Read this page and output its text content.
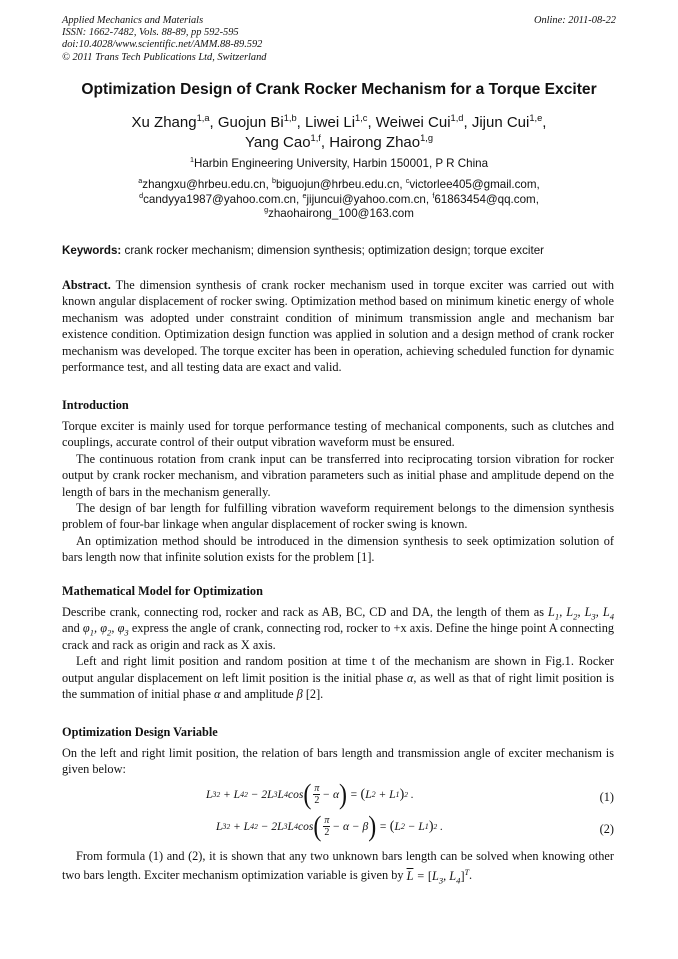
Applied Mechanics and Materials
ISSN: 1662-7482, Vols. 88-89, pp 592-595
doi:10.4028/www.scientific.net/AMM.88-89.592
© 2011 Trans Tech Publications Ltd, Switzerland
Online: 2011-08-22
Optimization Design of Crank Rocker Mechanism for a Torque Exciter
Xu Zhang$^{1,a}$, Guojun Bi$^{1,b}$, Liwei Li$^{1,c}$, Weiwei Cui$^{1,d}$, Jijun Cui$^{1,e}$,
Yang Cao$^{1,f}$, Hairong Zhao$^{1,g}$
$^1$Harbin Engineering University, Harbin 150001, P R China
$^a$zhangxu@hrbeu.edu.cn, $^b$biguojun@hrbeu.edu.cn, $^c$victorlee405@gmail.com,
$^d$candyya1987@yahoo.com.cn, $^e$jijuncui@yahoo.com.cn, $^f$61863454@qq.com,
$^g$zhaohairong_100@163.com
Keywords: crank rocker mechanism; dimension synthesis; optimization design; torque exciter

Abstract. The dimension synthesis of crank rocker mechanism used in torque exciter was carried out with known angular displacement of rocker swing. Optimization method based on minimum kinetic energy of whole mechanism was adopted under constraint condition of minimum transmission angle and mechanism bar existence condition. Optimization design function was applied in solution and a design method of crank rocker mechanism was developed. The torque exciter has been in operation, achieving scheduled function for dynamic performance test, and all testing data are exact and valid.

Introduction

Torque exciter is mainly used for torque performance testing of mechanical components, such as clutches and couplings, accurate control of their output vibration waveform must be ensured.

The continuous rotation from crank input can be transferred into reciprocating torsion vibration for rocker output by crank rocker mechanism, and vibration parameters such as initial phase and amplitude depend on the length of bars in the mechanism generally.

The design of bar length for fulfilling vibration waveform requirement belongs to the dimension synthesis problem of four-bar linkage when angular displacement of rocker swing is known.

An optimization method should be introduced in the dimension synthesis to seek optimization solution of bars length now that infinite solution exists for the problem [1].

Mathematical Model for Optimization

Describe crank, connecting rod, rocker and rack as AB, BC, CD and DA, the length of them as $L_1$, $L_2$, $L_3$, $L_4$ and $\varphi_1$, $\varphi_2$, $\varphi_3$ express the angle of crank, connecting rod, rocker to +x axis. Define the hinge point A connecting crack and rack as origin and rack as X axis.

Left and right limit position and random position at time t of the mechanism are shown in Fig.1. Rocker output angular displacement on left limit position is the initial phase α, as well as that of right limit position is the summation of initial phase α and amplitude β [2].

Optimization Design Variable

On the left and right limit position, the relation of bars length and transmission angle of exciter mechanism is given below:

L 3 2 + L 4 2 − 2L 3 L 4 cos ( $\frac{\pi}{2} - \alpha$ ) = ( L 2 + L 1 ) 2 .	(1)
L 3 2 + L 4 2 − 2L 3 L 4 cos ( $\frac{\pi}{2} - \alpha - \beta$ ) = ( L 2 − L 1 ) 2 .	(2)

From formula (1) and (2), it is shown that any two unknown bars length can be solved when knowing other two bars length. Exciter mechanism optimization variable is given by $\overline{L} = [L_3$, $L_4]^T$.
